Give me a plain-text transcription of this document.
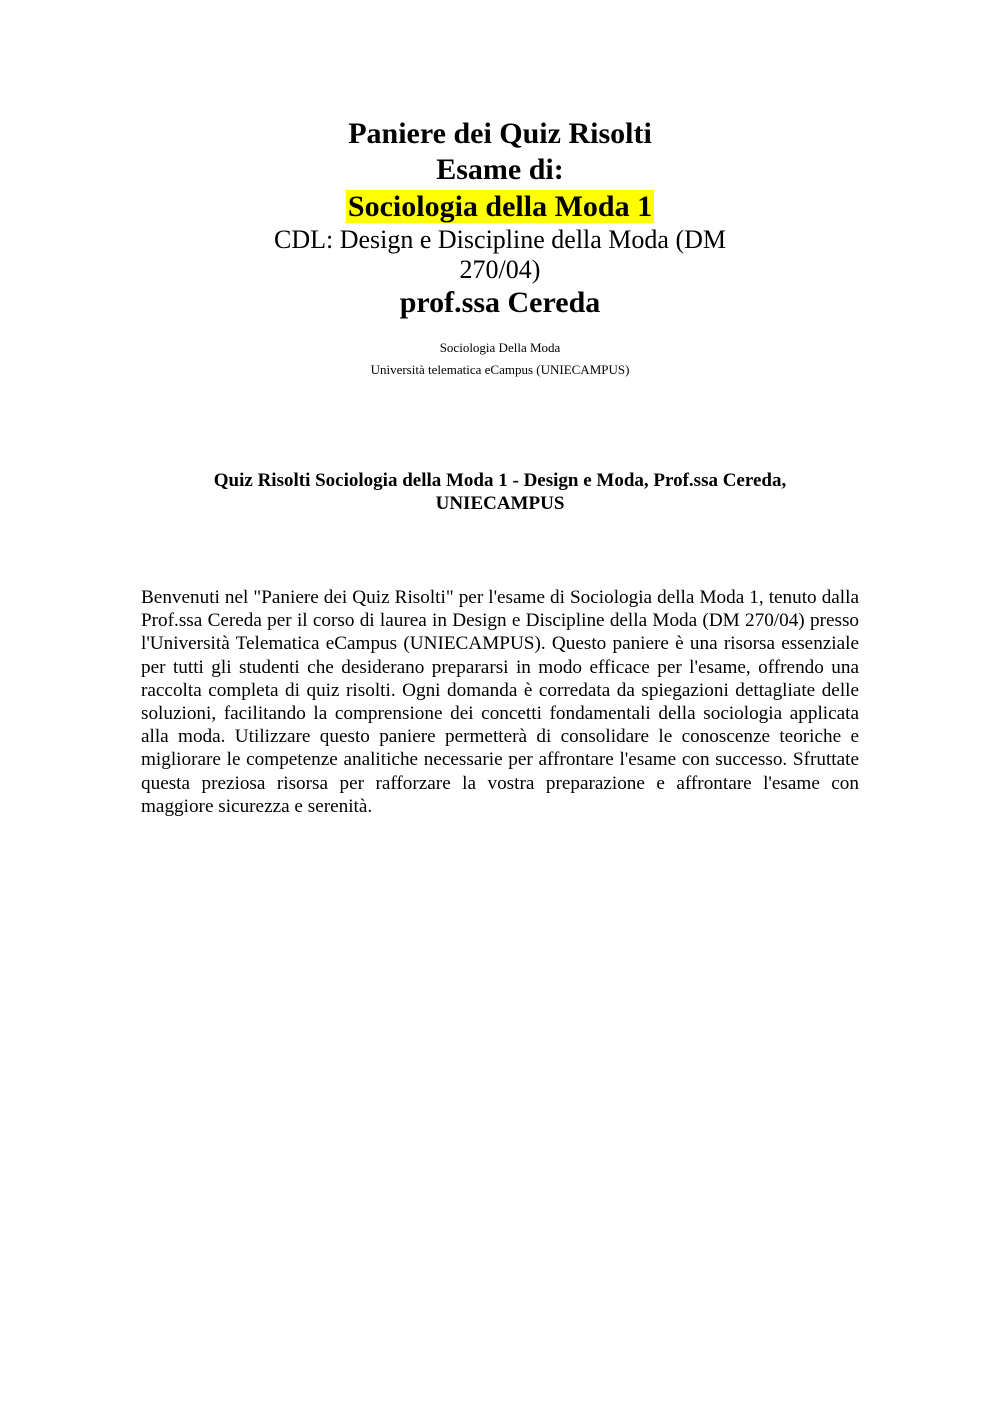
Paniere dei Quiz Risolti
Esame di:
Sociologia della Moda 1
CDL: Design e Discipline della Moda (DM
270/04)
prof.ssa Cereda
Sociologia Della Moda
Università telematica eCampus (UNIECAMPUS)
Quiz Risolti Sociologia della Moda 1 - Design e Moda, Prof.ssa Cereda,
UNIECAMPUS

Benvenuti nel "Paniere dei Quiz Risolti" per l'esame di Sociologia della Moda 1, tenuto dalla Prof.ssa Cereda per il corso di laurea in Design e Discipline della Moda (DM 270/04) presso l'Università Telematica eCampus (UNIECAMPUS). Questo paniere è una risorsa essenziale per tutti gli studenti che desiderano prepararsi in modo efficace per l'esame, offrendo una raccolta completa di quiz risolti. Ogni domanda è corredata da spiegazioni dettagliate delle soluzioni, facilitando la comprensione dei concetti fondamentali della sociologia applicata alla moda. Utilizzare questo paniere permetterà di consolidare le conoscenze teoriche e migliorare le competenze analitiche necessarie per affrontare l'esame con successo. Sfruttate questa preziosa risorsa per rafforzare la vostra preparazione e affrontare l'esame con maggiore sicurezza e serenità.
